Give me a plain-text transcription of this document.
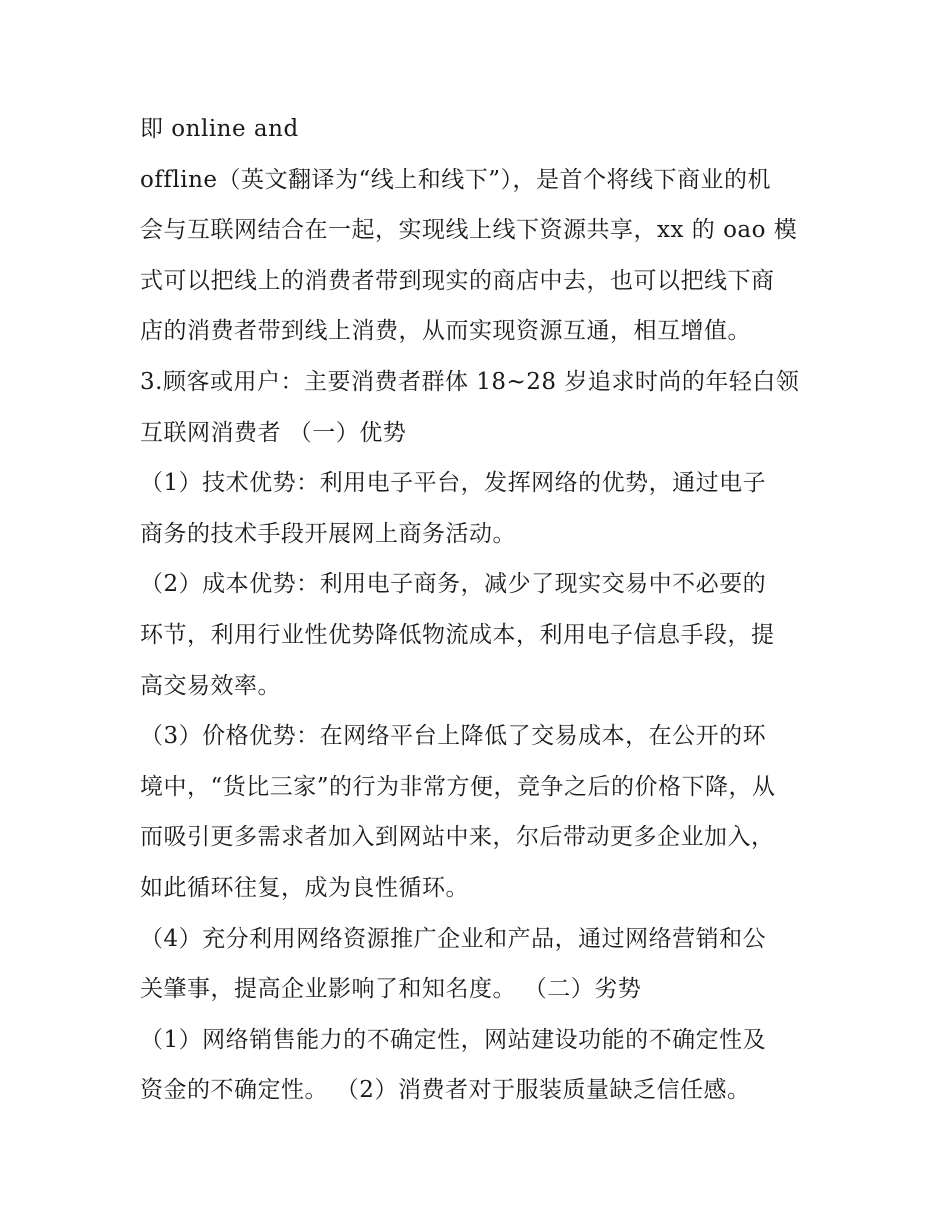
即 online and
offline（英文翻译为“线上和线下”），是首个将线下商业的机
会与互联网结合在一起，实现线上线下资源共享，xx 的 oao 模
式可以把线上的消费者带到现实的商店中去，也可以把线下商
店的消费者带到线上消费，从而实现资源互通，相互增值。
3.顾客或用户：主要消费者群体 18~28 岁追求时尚的年轻白领
互联网消费者 （一）优势
（1）技术优势：利用电子平台，发挥网络的优势，通过电子
商务的技术手段开展网上商务活动。
（2）成本优势：利用电子商务，减少了现实交易中不必要的
环节，利用行业性优势降低物流成本，利用电子信息手段，提
高交易效率。
（3）价格优势：在网络平台上降低了交易成本，在公开的环
境中，“货比三家”的行为非常方便，竞争之后的价格下降，从
而吸引更多需求者加入到网站中来，尔后带动更多企业加入，
如此循环往复，成为良性循环。
（4）充分利用网络资源推广企业和产品，通过网络营销和公
关肇事，提高企业影响了和知名度。 （二）劣势
（1）网络销售能力的不确定性，网站建设功能的不确定性及
资金的不确定性。 （2）消费者对于服装质量缺乏信任感。
